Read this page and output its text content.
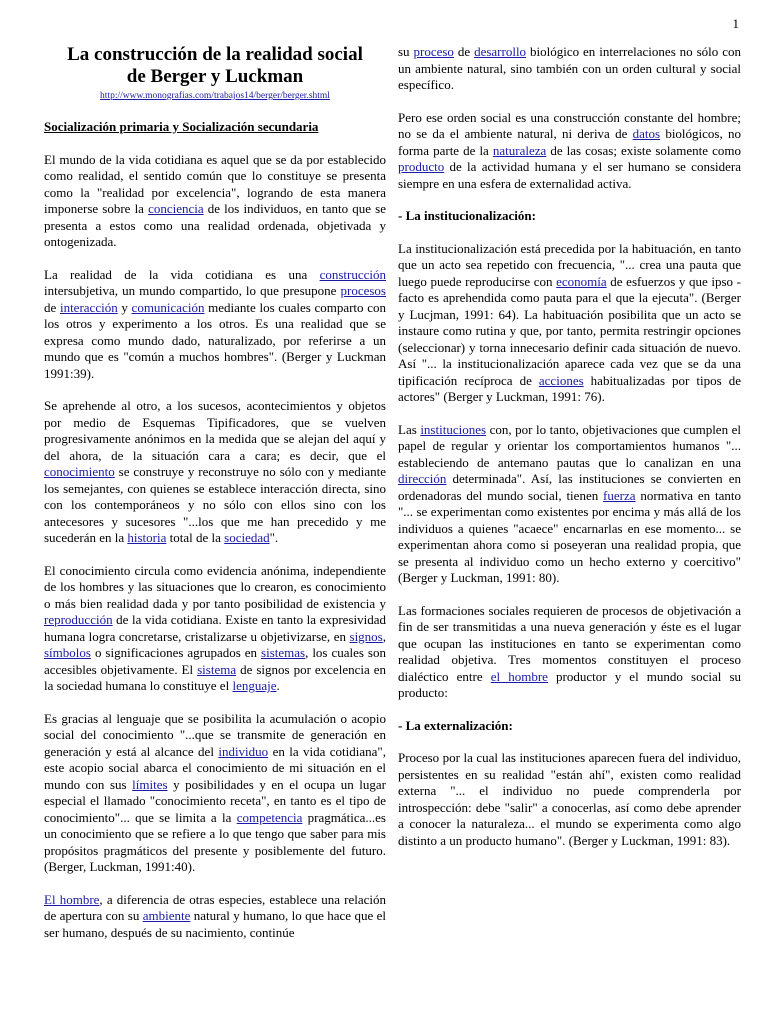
1
La construcción de la realidad social
de Berger y Luckman
http://www.monografias.com/trabajos14/berger/berger.shtml
Socialización primaria y Socialización secundaria

El mundo de la vida cotidiana es aquel que se da por establecido como realidad, el sentido común que lo constituye se presenta como la "realidad por excelencia", logrando de esta manera imponerse sobre la conciencia de los individuos, en tanto que se presenta a estos como una realidad ordenada, objetivada y ontogenizada.

La realidad de la vida cotidiana es una construcción intersubjetiva, un mundo compartido, lo que presupone procesos de interacción y comunicación mediante los cuales comparto con los otros y experimento a los otros. Es una realidad que se expresa como mundo dado, naturalizado, por referirse a un mundo que es "común a muchos hombres". (Berger y Luckman 1991:39).

Se aprehende al otro, a los sucesos, acontecimientos y objetos por medio de Esquemas Tipificadores, que se vuelven progresivamente anónimos en la medida que se alejan del aquí y del ahora, de la situación cara a cara; es decir, que el conocimiento se construye y reconstruye no sólo con y mediante los semejantes, con quienes se establece interacción directa, sino con los contemporáneos y no sólo con ellos sino con los antecesores y sucesores "...los que me han precedido y me sucederán en la historia total de la sociedad".

El conocimiento circula como evidencia anónima, independiente de los hombres y las situaciones que lo crearon, es conocimiento o más bien realidad dada y por tanto posibilidad de existencia y reproducción de la vida cotidiana. Existe en tanto la expresividad humana logra concretarse, cristalizarse u objetivizarse, en signos, símbolos o significaciones agrupados en sistemas, los cuales son accesibles objetivamente. El sistema de signos por excelencia en la sociedad humana lo constituye el lenguaje.

Es gracias al lenguaje que se posibilita la acumulación o acopio social del conocimiento "...que se transmite de generación en generación y está al alcance del individuo en la vida cotidiana", este acopio social abarca el conocimiento de mi situación en el mundo con sus límites y posibilidades y en el ocupa un lugar especial el llamado "conocimiento receta", en tanto es el tipo de conocimiento"... que se limita a la competencia pragmática...es un conocimiento que se refiere a lo que tengo que saber para mis propósitos pragmáticos del presente y posiblemente del futuro. (Berger, Luckman, 1991:40).

El hombre, a diferencia de otras especies, establece una relación de apertura con su ambiente natural y humano, lo que hace que el ser humano, después de su nacimiento, continúe

su proceso de desarrollo biológico en interrelaciones no sólo con un ambiente natural, sino también con un orden cultural y social específico.

Pero ese orden social es una construcción constante del hombre; no se da el ambiente natural, ni deriva de datos biológicos, no forma parte de la naturaleza de las cosas; existe solamente como producto de la actividad humana y el ser humano se considera siempre en una esfera de externalidad activa.

- La institucionalización:

La institucionalización está precedida por la habituación, en tanto que un acto sea repetido con frecuencia, "... crea una pauta que luego puede reproducirse con economía de esfuerzos y que ipso - facto es aprehendida como pauta para el que la ejecuta". (Berger y Lucjman, 1991: 64). La habituación posibilita que un acto se instaure como rutina y que, por tanto, permita restringir opciones (seleccionar) y torna innecesario definir cada situación de nuevo. Así "... la institucionalización aparece cada vez que se da una tipificación recíproca de acciones habitualizadas por tipos de actores" (Berger y Luckman, 1991: 76).

Las instituciones con, por lo tanto, objetivaciones que cumplen el papel de regular y orientar los comportamientos humanos "... estableciendo de antemano pautas que lo canalizan en una dirección determinada". Así, las instituciones se convierten en ordenadoras del mundo social, tienen fuerza normativa en tanto "... se experimentan como existentes por encima y más allá de los individuos a quienes "acaece" encarnarlas en ese momento... se experimentan ahora como si poseyeran una realidad propia, que se presenta al individuo como un hecho externo y coercitivo" (Berger y Luckman, 1991: 80).

Las formaciones sociales requieren de procesos de objetivación a fin de ser transmitidas a una nueva generación y éste es el lugar que ocupan las instituciones en tanto se experimentan como realidad objetiva. Tres momentos constituyen el proceso dialéctico entre el hombre productor y el mundo social su producto:

- La externalización:

Proceso por la cual las instituciones aparecen fuera del individuo, persistentes en su realidad "están ahí", existen como realidad externa "... el individuo no puede comprenderla por introspección: debe "salir" a conocerlas, así como debe aprender a conocer la naturaleza... el mundo se experimenta como algo distinto a un producto humano". (Berger y Luckman, 1991: 83).
